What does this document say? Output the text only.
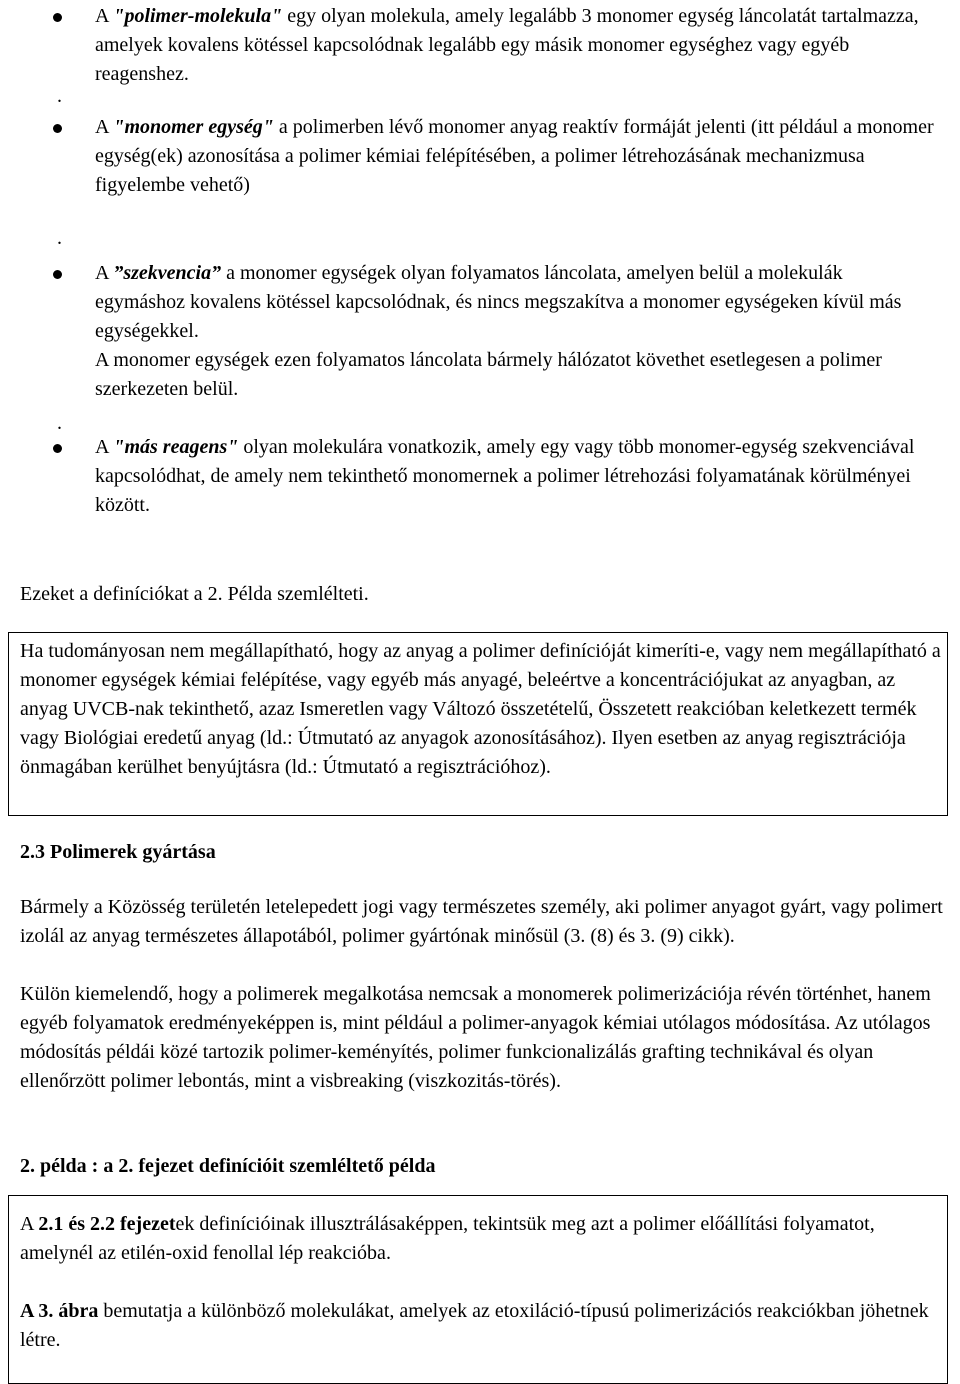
A "polimer-molekula" egy olyan molekula, amely legalább 3 monomer egység láncolatát tartalmazza, amelyek kovalens kötéssel kapcsolódnak legalább egy másik monomer egységhez vagy egyéb reagenshez.
.
A "monomer egység" a polimerben lévő monomer anyag reaktív formáját jelenti (itt például a monomer egység(ek) azonosítása a polimer kémiai felépítésében, a polimer létrehozásának mechanizmusa figyelembe vehető)
.
A ”szekvencia” a monomer egységek olyan folyamatos láncolata, amelyen belül a molekulák egymáshoz kovalens kötéssel kapcsolódnak, és nincs megszakítva a monomer egységeken kívül más egységekkel.
A monomer egységek ezen folyamatos láncolata bármely hálózatot követhet esetlegesen a polimer szerkezeten belül.
.
A "más reagens" olyan molekulára vonatkozik, amely egy vagy több monomer-egység szekvenciával kapcsolódhat, de amely nem tekinthető monomernek a polimer létrehozási folyamatának körülményei között.
Ezeket a definíciókat a 2. Példa szemlélteti.
Ha tudományosan nem megállapítható, hogy az anyag a polimer definícióját kimeríti-e, vagy nem megállapítható a monomer egységek kémiai felépítése, vagy egyéb más anyagé, beleértve a koncentrációjukat az anyagban, az anyag UVCB-nak tekinthető, azaz Ismeretlen vagy Változó összetételű, Összetett reakcióban keletkezett termék vagy Biológiai eredetű anyag (ld.: Útmutató az anyagok azonosításához). Ilyen esetben az anyag regisztrációja önmagában kerülhet benyújtásra (ld.: Útmutató a regisztrációhoz).
2.3 Polimerek gyártása
Bármely a Közösség területén letelepedett jogi vagy természetes személy, aki polimer anyagot gyárt, vagy polimert izolál az anyag természetes állapotából, polimer gyártónak minősül (3. (8) és 3. (9) cikk).
Külön kiemelendő, hogy a polimerek megalkotása nemcsak a monomerek polimerizációja révén történhet, hanem egyéb folyamatok eredményeképpen is, mint például a polimer-anyagok kémiai utólagos módosítása. Az utólagos módosítás példái közé tartozik polimer-keményítés, polimer funkcionalizálás grafting technikával és olyan ellenőrzött polimer lebontás, mint a visbreaking (viszkozitás-törés).
2. példa : a 2. fejezet definícióit szemléltető példa
A 2.1 és 2.2 fejezetek definícióinak illusztrálásaképpen, tekintsük meg azt a polimer előállítási folyamatot, amelynél az etilén-oxid fenollal lép reakcióba.
A 3. ábra bemutatja a különböző molekulákat, amelyek az etoxiláció-típusú polimerizációs reakciókban jöhetnek létre.
